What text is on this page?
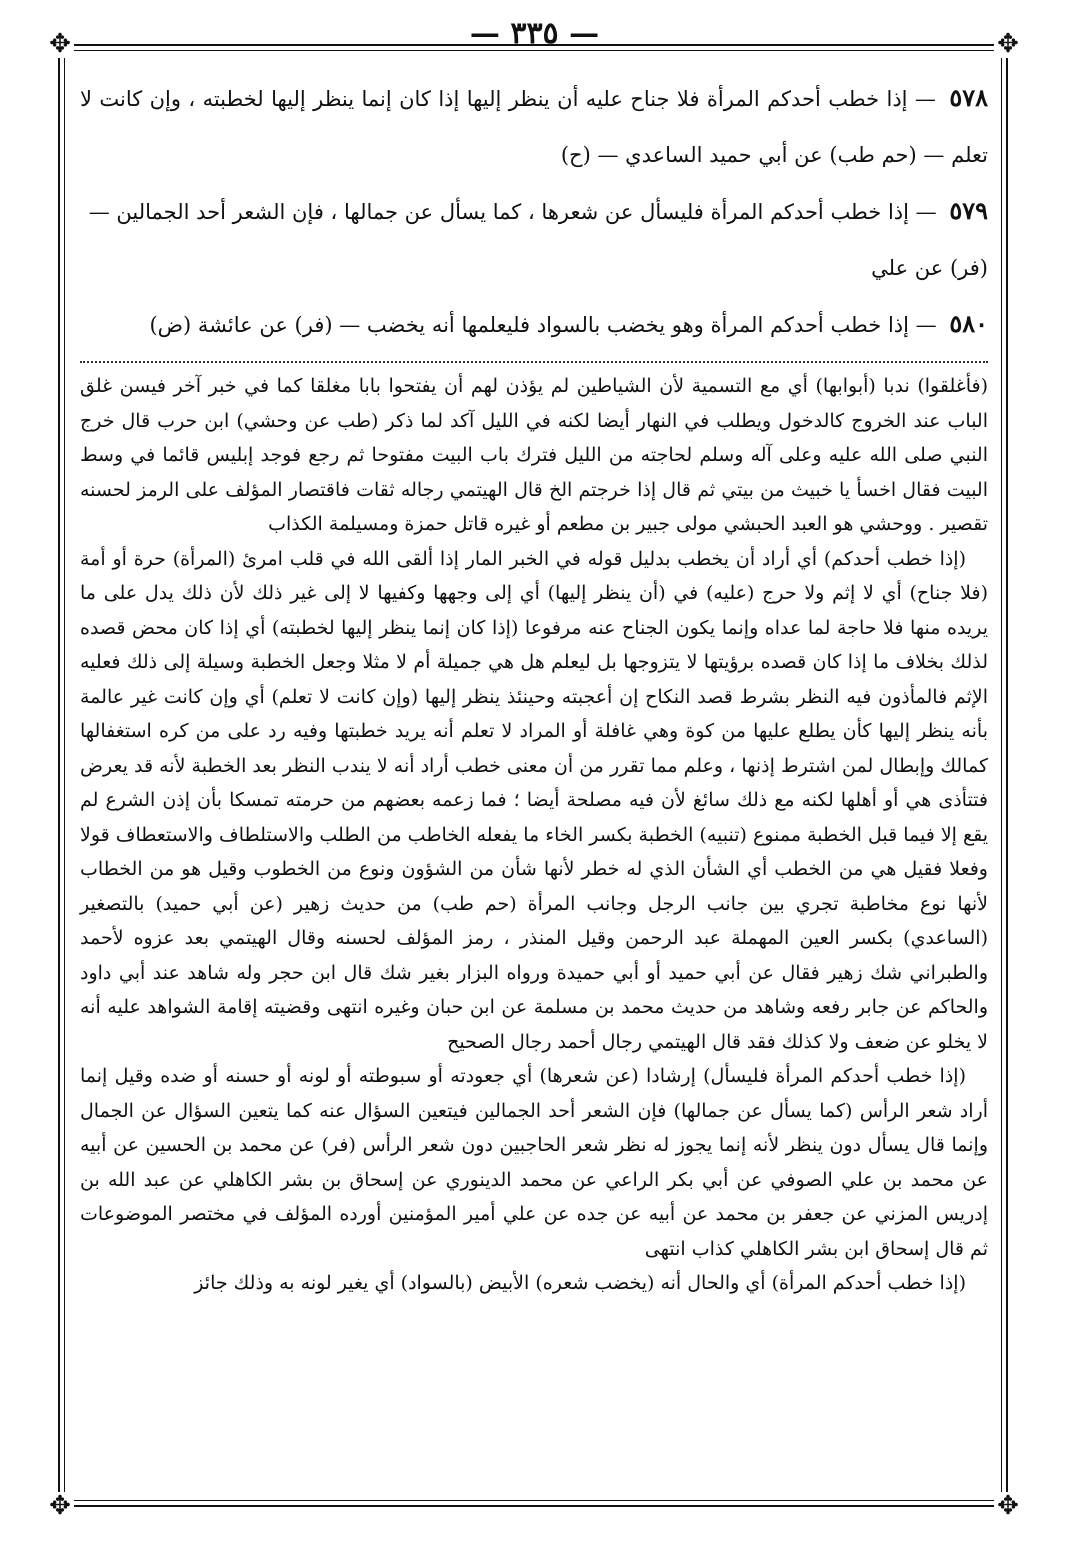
— ٣٣٥ —
✥	✥
✥	✥

٥٧٨ — إذا خطب أحدكم المرأة فلا جناح عليه أن ينظر إليها إذا كان إنما ينظر إليها لخطبته ، وإن كانت لا تعلم — (حم طب) عن أبي حميد الساعدي — (ح)

٥٧٩ — إذا خطب أحدكم المرأة فليسأل عن شعرها ، كما يسأل عن جمالها ، فإن الشعر أحد الجمالين —
(فر) عن علي

٥٨٠ — إذا خطب أحدكم المرأة وهو يخضب بالسواد فليعلمها أنه يخضب — (فر) عن عائشة (ض)

(فأغلقوا) ندبا (أبوابها) أي مع التسمية لأن الشياطين لم يؤذن لهم أن يفتحوا بابا مغلقا كما في خبر آخر فيسن غلق الباب عند الخروج كالدخول ويطلب في النهار أيضا لكنه في الليل آكد لما ذكر (طب عن وحشي) ابن حرب قال خرج النبي صلى الله عليه وعلى آله وسلم لحاجته من الليل فترك باب البيت مفتوحا ثم رجع فوجد إبليس قائما في وسط البيت فقال اخسأ يا خبيث من بيتي ثم قال إذا خرجتم الخ قال الهيتمي رجاله ثقات فاقتصار المؤلف على الرمز لحسنه تقصير . ووحشي هو العبد الحبشي مولى جبير بن مطعم أو غيره قاتل حمزة ومسيلمة الكذاب

(إذا خطب أحدكم) أي أراد أن يخطب بدليل قوله في الخبر المار إذا ألقى الله في قلب امرئ (المرأة) حرة أو أمة (فلا جناح) أي لا إثم ولا حرج (عليه) في (أن ينظر إليها) أي إلى وجهها وكفيها لا إلى غير ذلك لأن ذلك يدل على ما يريده منها فلا حاجة لما عداه وإنما يكون الجناح عنه مرفوعا (إذا كان إنما ينظر إليها لخطبته) أي إذا كان محض قصده لذلك بخلاف ما إذا كان قصده برؤيتها لا يتزوجها بل ليعلم هل هي جميلة أم لا مثلا وجعل الخطبة وسيلة إلى ذلك فعليه الإثم فالمأذون فيه النظر بشرط قصد النكاح إن أعجبته وحينئذ ينظر إليها (وإن كانت لا تعلم) أي وإن كانت غير عالمة بأنه ينظر إليها كأن يطلع عليها من كوة وهي غافلة أو المراد لا تعلم أنه يريد خطبتها وفيه رد على من كره استغفالها كمالك وإبطال لمن اشترط إذنها ، وعلم مما تقرر من أن معنى خطب أراد أنه لا يندب النظر بعد الخطبة لأنه قد يعرض فتتأذى هي أو أهلها لكنه مع ذلك سائغ لأن فيه مصلحة أيضا ؛ فما زعمه بعضهم من حرمته تمسكا بأن إذن الشرع لم يقع إلا فيما قبل الخطبة ممنوع (تنبيه) الخطبة بكسر الخاء ما يفعله الخاطب من الطلب والاستلطاف والاستعطاف قولا وفعلا فقيل هي من الخطب أي الشأن الذي له خطر لأنها شأن من الشؤون ونوع من الخطوب وقيل هو من الخطاب لأنها نوع مخاطبة تجري بين جانب الرجل وجانب المرأة (حم طب) من حديث زهير (عن أبي حميد) بالتصغير (الساعدي) بكسر العين المهملة عبد الرحمن وقيل المنذر ، رمز المؤلف لحسنه وقال الهيتمي بعد عزوه لأحمد والطبراني شك زهير فقال عن أبي حميد أو أبي حميدة ورواه البزار بغير شك قال ابن حجر وله شاهد عند أبي داود والحاكم عن جابر رفعه وشاهد من حديث محمد بن مسلمة عن ابن حبان وغيره انتهى وقضيته إقامة الشواهد عليه أنه لا يخلو عن ضعف ولا كذلك فقد قال الهيتمي رجال أحمد رجال الصحيح

(إذا خطب أحدكم المرأة فليسأل) إرشادا (عن شعرها) أي جعودته أو سبوطته أو لونه أو حسنه أو ضده وقيل إنما أراد شعر الرأس (كما يسأل عن جمالها) فإن الشعر أحد الجمالين فيتعين السؤال عنه كما يتعين السؤال عن الجمال وإنما قال يسأل دون ينظر لأنه إنما يجوز له نظر شعر الحاجبين دون شعر الرأس (فر) عن محمد بن الحسين عن أبيه عن محمد بن علي الصوفي عن أبي بكر الراعي عن محمد الدينوري عن إسحاق بن بشر الكاهلي عن عبد الله بن إدريس المزني عن جعفر بن محمد عن أبيه عن جده عن علي أمير المؤمنين أورده المؤلف في مختصر الموضوعات ثم قال إسحاق ابن بشر الكاهلي كذاب انتهى

(إذا خطب أحدكم المرأة) أي والحال أنه (يخضب شعره) الأبيض (بالسواد) أي يغير لونه به وذلك جائز
